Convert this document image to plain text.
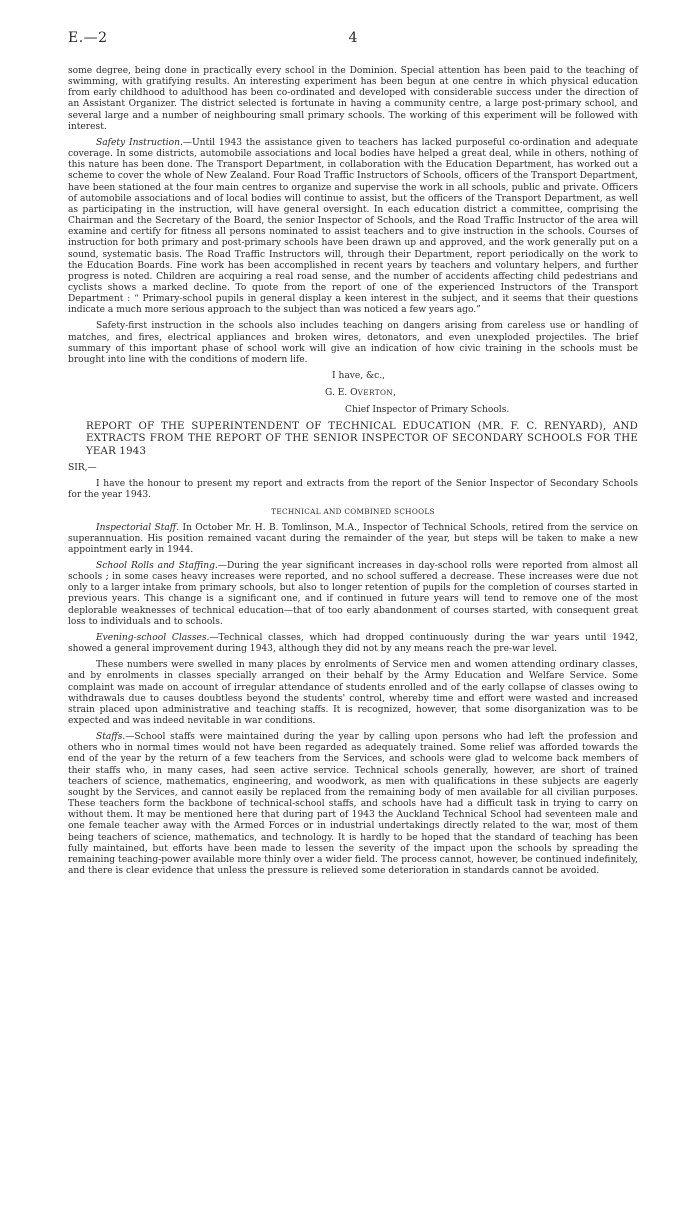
E.—2	4

some degree, being done in practically every school in the Dominion. Special attention has been paid to the teaching of swimming, with gratifying results. An interesting experiment has been begun at one centre in which physical education from early childhood to adulthood has been co-ordinated and developed with considerable success under the direction of an Assistant Organizer. The district selected is fortunate in having a community centre, a large post-primary school, and several large and a number of neighbouring small primary schools. The working of this experiment will be followed with interest.

Safety Instruction.—Until 1943 the assistance given to teachers has lacked purposeful co-ordination and adequate coverage. In some districts, automobile associations and local bodies have helped a great deal, while in others, nothing of this nature has been done. The Transport Department, in collaboration with the Education Department, has worked out a scheme to cover the whole of New Zealand. Four Road Traffic Instructors of Schools, officers of the Transport Department, have been stationed at the four main centres to organize and supervise the work in all schools, public and private. Officers of automobile associations and of local bodies will continue to assist, but the officers of the Transport Department, as well as participating in the instruction, will have general oversight. In each education district a committee, comprising the Chairman and the Secretary of the Board, the senior Inspector of Schools, and the Road Traffic Instructor of the area will examine and certify for fitness all persons nominated to assist teachers and to give instruction in the schools. Courses of instruction for both primary and post-primary schools have been drawn up and approved, and the work generally put on a sound, systematic basis. The Road Traffic Instructors will, through their Department, report periodically on the work to the Education Boards. Fine work has been accomplished in recent years by teachers and voluntary helpers, and further progress is noted. Children are acquiring a real road sense, and the number of accidents affecting child pedestrians and cyclists shows a marked decline. To quote from the report of one of the experienced Instructors of the Transport Department : “ Primary-school pupils in general display a keen interest in the subject, and it seems that their questions indicate a much more serious approach to the subject than was noticed a few years ago.”

Safety-first instruction in the schools also includes teaching on dangers arising from careless use or handling of matches, and fires, electrical appliances and broken wires, detonators, and even unexploded projectiles. The brief summary of this important phase of school work will give an indication of how civic training in the schools must be brought into line with the conditions of modern life.

I have, &c.,

G. E. OVERTON,

Chief Inspector of Primary Schools.

REPORT OF THE SUPERINTENDENT OF TECHNICAL EDUCATION (MR. F. C. RENYARD), AND EXTRACTS FROM THE REPORT OF THE SENIOR INSPECTOR OF SECONDARY SCHOOLS FOR THE YEAR 1943

SIR,—

I have the honour to present my report and extracts from the report of the Senior Inspector of Secondary Schools for the year 1943.

TECHNICAL AND COMBINED SCHOOLS

Inspectorial Staff. In October Mr. H. B. Tomlinson, M.A., Inspector of Technical Schools, retired from the service on superannuation. His position remained vacant during the remainder of the year, but steps will be taken to make a new appointment early in 1944.

School Rolls and Staffing.—During the year significant increases in day-school rolls were reported from almost all schools ; in some cases heavy increases were reported, and no school suffered a decrease. These increases were due not only to a larger intake from primary schools, but also to longer retention of pupils for the completion of courses started in previous years. This change is a significant one, and if continued in future years will tend to remove one of the most deplorable weaknesses of technical education—that of too early abandonment of courses started, with consequent great loss to individuals and to schools.

Evening-school Classes.—Technical classes, which had dropped continuously during the war years until 1942, showed a general improvement during 1943, although they did not by any means reach the pre-war level.

These numbers were swelled in many places by enrolments of Service men and women attending ordinary classes, and by enrolments in classes specially arranged on their behalf by the Army Education and Welfare Service. Some complaint was made on account of irregular attendance of students enrolled and of the early collapse of classes owing to withdrawals due to causes doubtless beyond the students' control, whereby time and effort were wasted and increased strain placed upon administrative and teaching staffs. It is recognized, however, that some disorganization was to be expected and was indeed nevitable in war conditions.

Staffs.—School staffs were maintained during the year by calling upon persons who had left the profession and others who in normal times would not have been regarded as adequately trained. Some relief was afforded towards the end of the year by the return of a few teachers from the Services, and schools were glad to welcome back members of their staffs who, in many cases, had seen active service. Technical schools generally, however, are short of trained teachers of science, mathematics, engineering, and woodwork, as men with qualifications in these subjects are eagerly sought by the Services, and cannot easily be replaced from the remaining body of men available for all civilian purposes. These teachers form the backbone of technical-school staffs, and schools have had a difficult task in trying to carry on without them. It may be mentioned here that during part of 1943 the Auckland Technical School had seventeen male and one female teacher away with the Armed Forces or in industrial undertakings directly related to the war, most of them being teachers of science, mathematics, and technology. It is hardly to be hoped that the standard of teaching has been fully maintained, but efforts have been made to lessen the severity of the impact upon the schools by spreading the remaining teaching-power available more thinly over a wider field. The process cannot, however, be continued indefinitely, and there is clear evidence that unless the pressure is relieved some deterioration in standards cannot be avoided.
